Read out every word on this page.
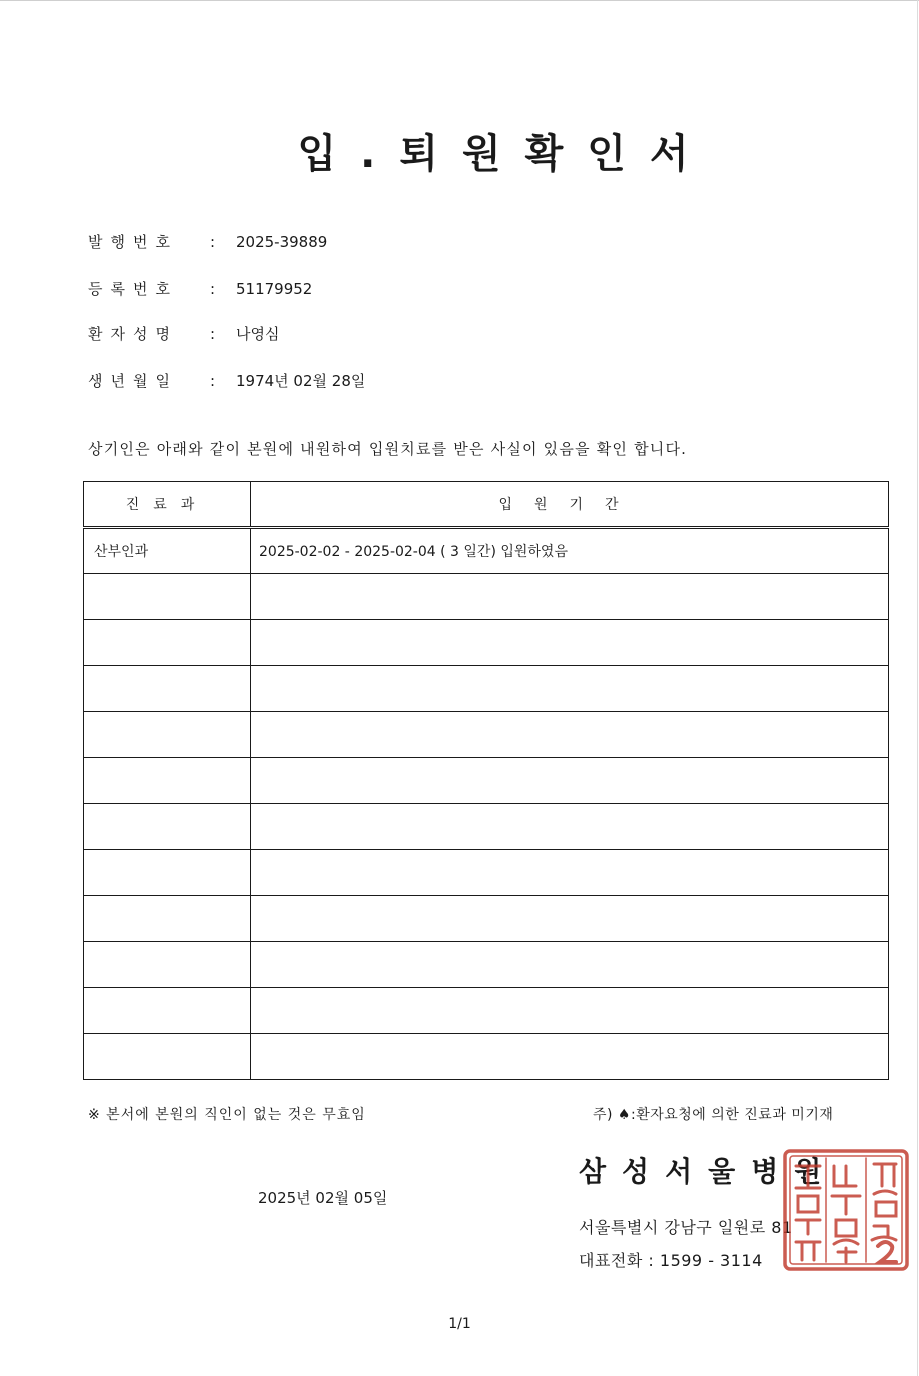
입.퇴원확인서
발행번호 : 2025-39889
등록번호 : 51179952
환자성명 : 나영심
생년월일 : 1974년 02월 28일
상기인은 아래와 같이 본원에 내원하여 입원치료를 받은 사실이 있음을 확인 합니다.
진료과	입원기간
산부인과	2025-02-02 - 2025-02-04 ( 3 일간) 입원하였음

※ 본서에 본원의 직인이 없는 것은 무효임	주) ♠:환자요청에 의한 진료과 미기재
2025년 02월 05일
삼성서울병원
서울특별시 강남구 일원로 81
대표전화 : 1599 - 3114
1/1
